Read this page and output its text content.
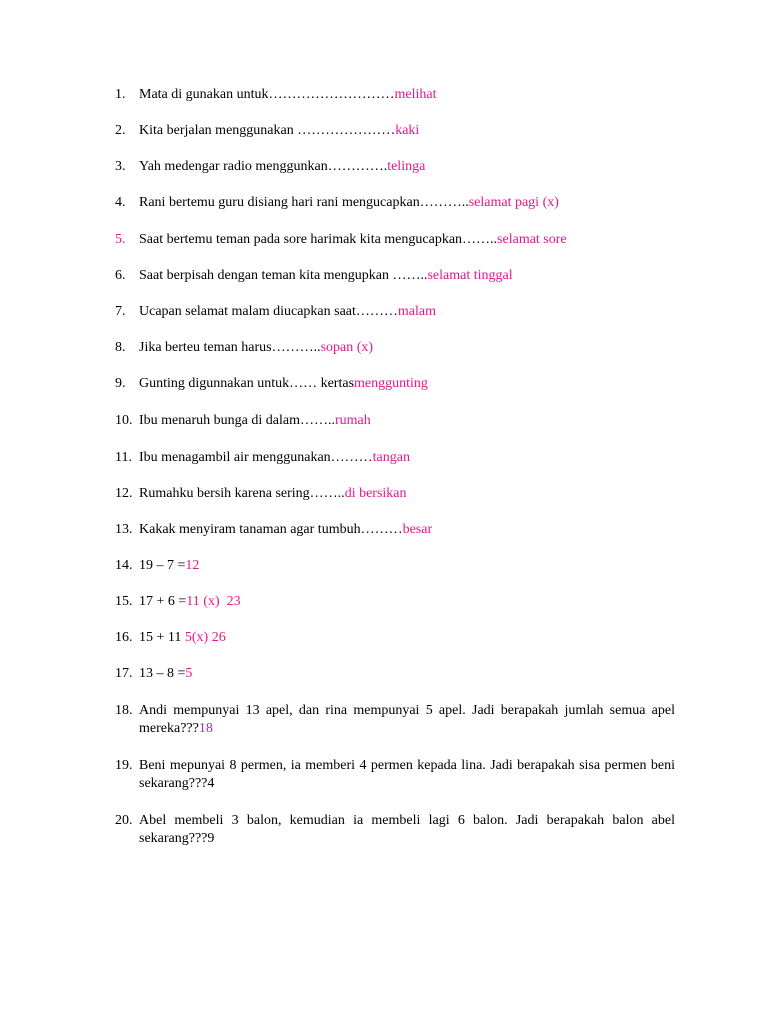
1. Mata di gunakan untuk………………………melihat
2. Kita berjalan menggunakan …………………kaki
3. Yah medengar radio menggunkan………….telinga
4. Rani bertemu guru disiang hari rani mengucapkan………..selamat pagi (x)
5. Saat bertemu teman pada sore harimak kita mengucapkan……..selamat sore
6. Saat berpisah dengan teman kita mengupkan ……..selamat tinggal
7. Ucapan selamat malam diucapkan saat………malam
8. Jika berteu teman harus………..sopan (x)
9. Gunting digunnakan untuk…… kertasmenggunting
10. Ibu menaruh bunga di dalam……..rumah
11. Ibu menagambil air menggunakan………tangan
12. Rumahku bersih karena sering……..di bersikan
13. Kakak menyiram tanaman agar tumbuh………besar
14. 19 – 7 =12
15. 17 + 6 =11 (x)  23
16. 15 + 11 5(x) 26
17. 13 – 8 =5
18. Andi mempunyai 13 apel, dan rina mempunyai 5 apel. Jadi berapakah jumlah semua apel mereka???18
19. Beni mepunyai 8 permen, ia memberi 4 permen kepada lina. Jadi berapakah sisa permen beni sekarang???4
20. Abel membeli 3 balon, kemudian ia membeli lagi 6 balon. Jadi berapakah balon abel sekarang???9
